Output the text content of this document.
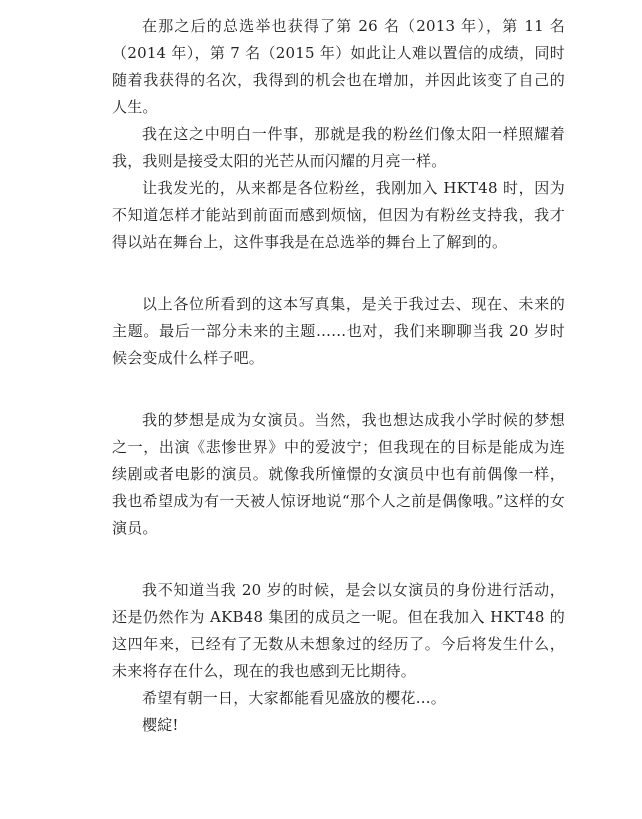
在那之后的总选举也获得了第 26 名（2013 年），第 11 名（2014 年），第 7 名（2015 年）如此让人难以置信的成绩，同时随着我获得的名次，我得到的机会也在增加，并因此该变了自己的人生。

我在这之中明白一件事，那就是我的粉丝们像太阳一样照耀着我，我则是接受太阳的光芒从而闪耀的月亮一样。

让我发光的，从来都是各位粉丝，我刚加入 HKT48 时，因为不知道怎样才能站到前面而感到烦恼，但因为有粉丝支持我，我才得以站在舞台上，这件事我是在总选举的舞台上了解到的。

以上各位所看到的这本写真集，是关于我过去、现在、未来的主题。最后一部分未来的主题……也对，我们来聊聊当我 20 岁时候会变成什么样子吧。

我的梦想是成为女演员。当然，我也想达成我小学时候的梦想之一，出演《悲惨世界》中的爱波宁；但我现在的目标是能成为连续剧或者电影的演员。就像我所憧憬的女演员中也有前偶像一样，我也希望成为有一天被人惊讶地说“那个人之前是偶像哦。”这样的女演员。

我不知道当我 20 岁的时候，是会以女演员的身份进行活动，还是仍然作为 AKB48 集团的成员之一呢。但在我加入 HKT48 的这四年来，已经有了无数从未想象过的经历了。今后将发生什么，未来将存在什么，现在的我也感到无比期待。

希望有朝一日，大家都能看见盛放的樱花…。

樱綻!
